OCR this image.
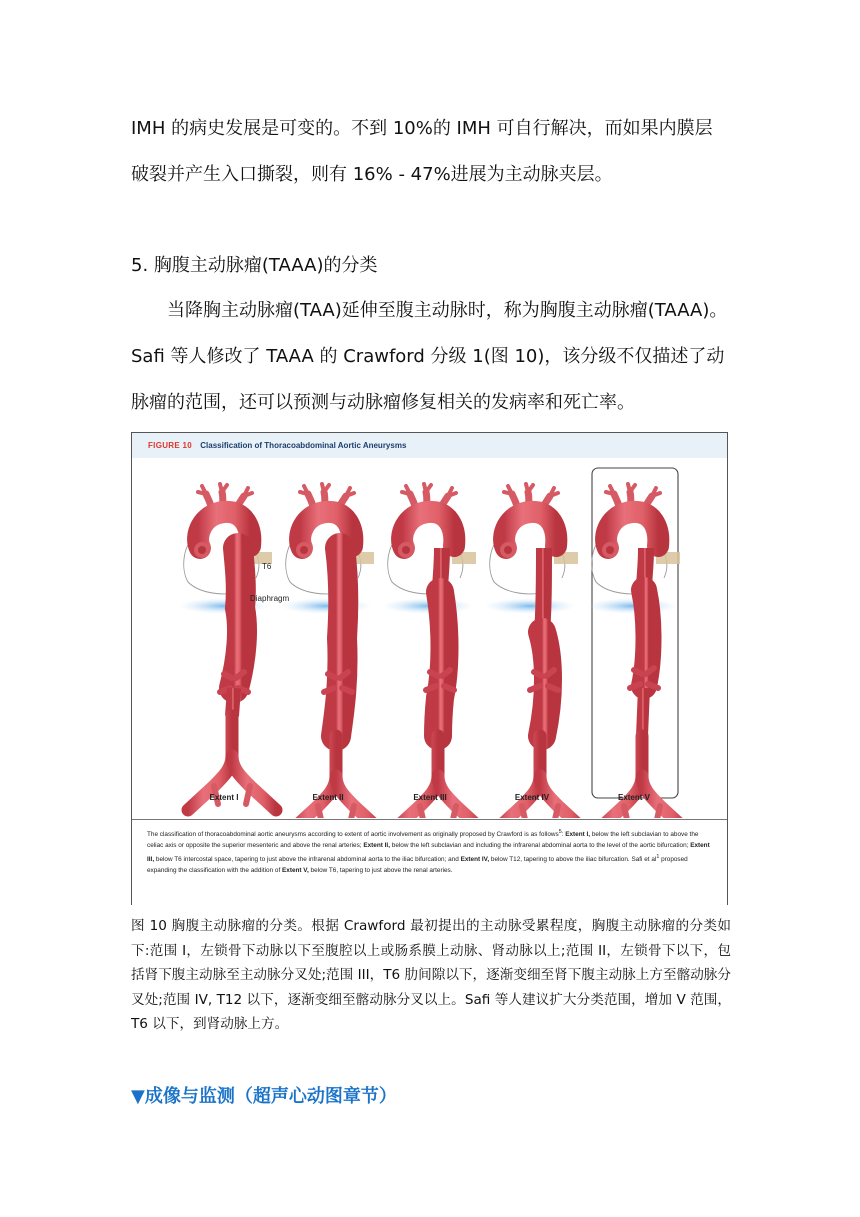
IMH 的病史发展是可变的。不到 10%的 IMH 可自行解决，而如果内膜层
破裂并产生入口撕裂，则有 16% - 47%进展为主动脉夹层。

5. 胸腹主动脉瘤(TAAA)的分类

当降胸主动脉瘤(TAA)延伸至腹主动脉时，称为胸腹主动脉瘤(TAAA)。
Safi 等人修改了 TAAA 的 Crawford 分级 1(图 10)，该分级不仅描述了动
脉瘤的范围，还可以预测与动脉瘤修复相关的发病率和死亡率。

FIGURE 10 Classification of Thoracoabdominal Aortic Aneurysms
T6
Diaphragm
Extent I	Extent II	Extent III	Extent IV	Extent V
The classification of thoracoabdominal aortic aneurysms according to extent of aortic involvement as originally proposed by Crawford is as follows$^5$: Extent I, below the left subclavian to above the celiac axis or opposite the superior mesenteric and above the renal arteries; Extent II, below the left subclavian and including the infrarenal abdominal aorta to the level of the aortic bifurcation; Extent III, below T6 intercostal space, tapering to just above the infrarenal abdominal aorta to the iliac bifurcation; and Extent IV, below T12, tapering to above the iliac bifurcation. Safi et $al^1$ proposed expanding the classification with the addition of Extent V, below T6, tapering to just above the renal arteries.

图 10 胸腹主动脉瘤的分类。根据 Crawford 最初提出的主动脉受累程度，胸腹主动脉瘤的分类如下:范围 I，左锁骨下动脉以下至腹腔以上或肠系膜上动脉、肾动脉以上;范围 II，左锁骨下以下，包括肾下腹主动脉至主动脉分叉处;范围 III，T6 肋间隙以下，逐渐变细至肾下腹主动脉上方至髂动脉分叉处;范围 IV, T12 以下，逐渐变细至髂动脉分叉以上。Safi 等人建议扩大分类范围，增加 V 范围，T6 以下，到肾动脉上方。

▼成像与监测（超声心动图章节）
